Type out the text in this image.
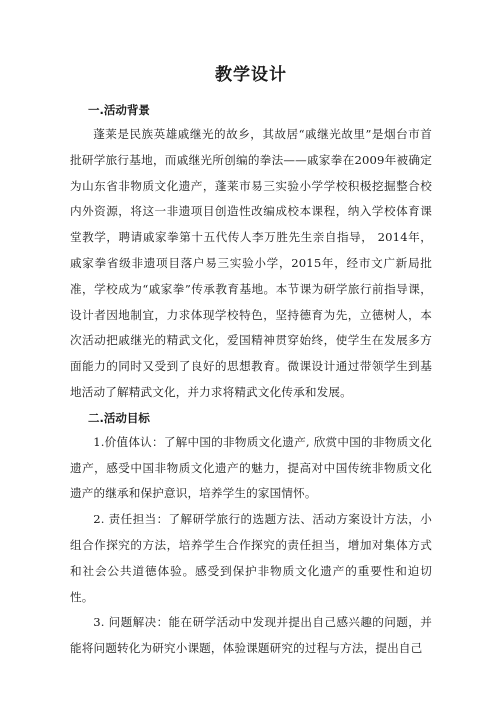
教学设计
一.活动背景

蓬莱是民族英雄戚继光的故乡，其故居“戚继光故里”是烟台市首批研学旅行基地，而戚继光所创编的拳法——戚家拳在2009年被确定为山东省非物质文化遗产，蓬莱市易三实验小学学校积极挖掘整合校内外资源，将这一非遗项目创造性改编成校本课程，纳入学校体育课堂教学，聘请戚家拳第十五代传人李万胜先生亲自指导， 2014年，戚家拳省级非遗项目落户易三实验小学，2015年，经市文广新局批准，学校成为“戚家拳”传承教育基地。本节课为研学旅行前指导课，设计者因地制宜，力求体现学校特色，坚持德育为先，立德树人，本次活动把戚继光的精武文化，爱国精神贯穿始终，使学生在发展多方面能力的同时又受到了良好的思想教育。微课设计通过带领学生到基地活动了解精武文化，并力求将精武文化传承和发展。

二.活动目标

1.价值体认：了解中国的非物质文化遗产, 欣赏中国的非物质文化遗产，感受中国非物质文化遗产的魅力，提高对中国传统非物质文化遗产的继承和保护意识，培养学生的家国情怀。

2. 责任担当：了解研学旅行的选题方法、活动方案设计方法，小组合作探究的方法，培养学生合作探究的责任担当，增加对集体方式和社会公共道德体验。感受到保护非物质文化遗产的重要性和迫切性。

3. 问题解决：能在研学活动中发现并提出自己感兴趣的问题，并能将问题转化为研究小课题，体验课题研究的过程与方法，提出自己
